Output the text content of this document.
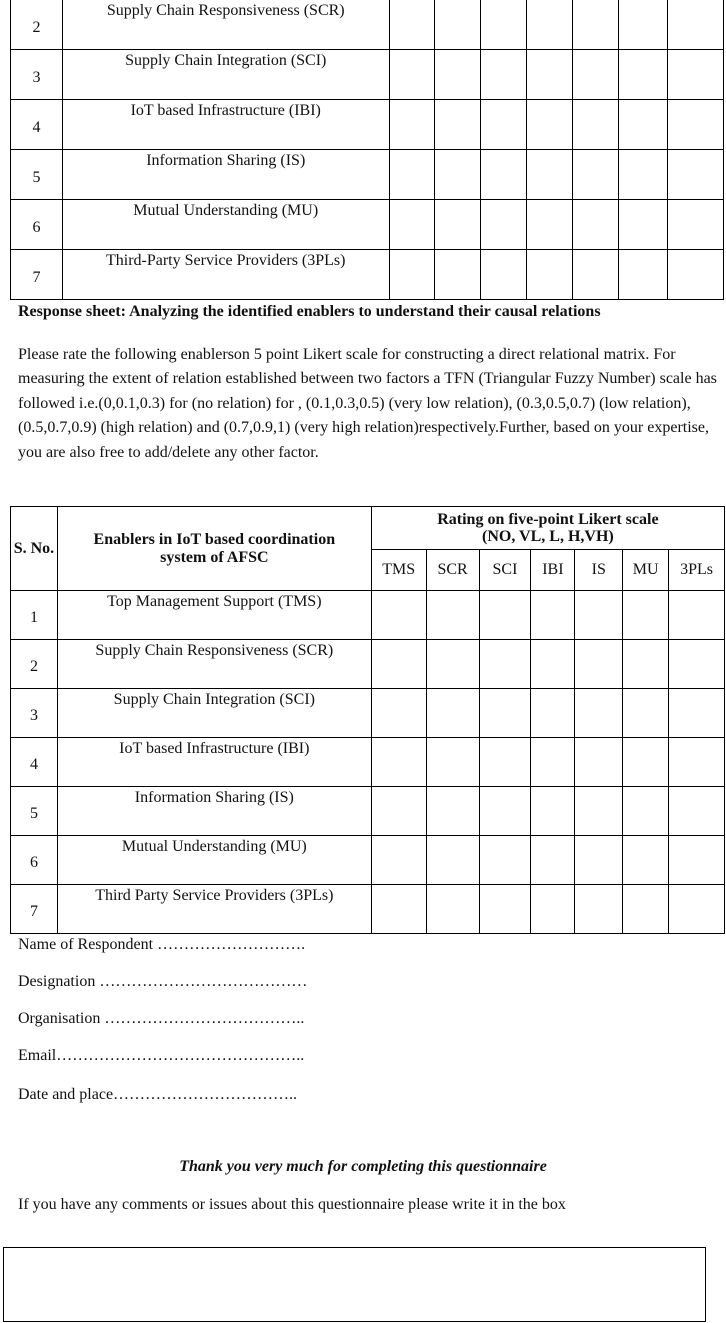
2	Supply Chain Responsiveness (SCR)							
3	Supply Chain Integration (SCI)							
4	IoT based Infrastructure (IBI)							
5	Information Sharing (IS)							
6	Mutual Understanding (MU)							
7	Third-Party Service Providers (3PLs)							

Response sheet: Analyzing the identified enablers to understand their causal relations

Please rate the following enablerson 5 point Likert scale for constructing a direct relational matrix. For measuring the extent of relation established between two factors a TFN (Triangular Fuzzy Number) scale has followed i.e.(0,0.1,0.3) for (no relation) for , (0.1,0.3,0.5) (very low relation), (0.3,0.5,0.7) (low relation),(0.5,0.7,0.9) (high relation) and (0.7,0.9,1) (very high relation)respectively.Further, based on your expertise, you are also free to add/delete any other factor.

S. No.	Enablers in IoT based coordination system of AFSC	Rating on five-point Likert scale
(NO, VL, L, H,VH)						

		TMS	SCR	SCI	IBI	IS	MU	3PLs
1	Top Management Support (TMS)							
2	Supply Chain Responsiveness (SCR)							
3	Supply Chain Integration (SCI)							
4	IoT based Infrastructure (IBI)							
5	Information Sharing (IS)							
6	Mutual Understanding (MU)							
7	Third Party Service Providers (3PLs)							
Name of Respondent ……………………….
Designation …………………………………
Organisation ………………………………..
Email………………………………………..
Date and place……………………………..
Thank you very much for completing this questionnaire
If you have any comments or issues about this questionnaire please write it in the box
